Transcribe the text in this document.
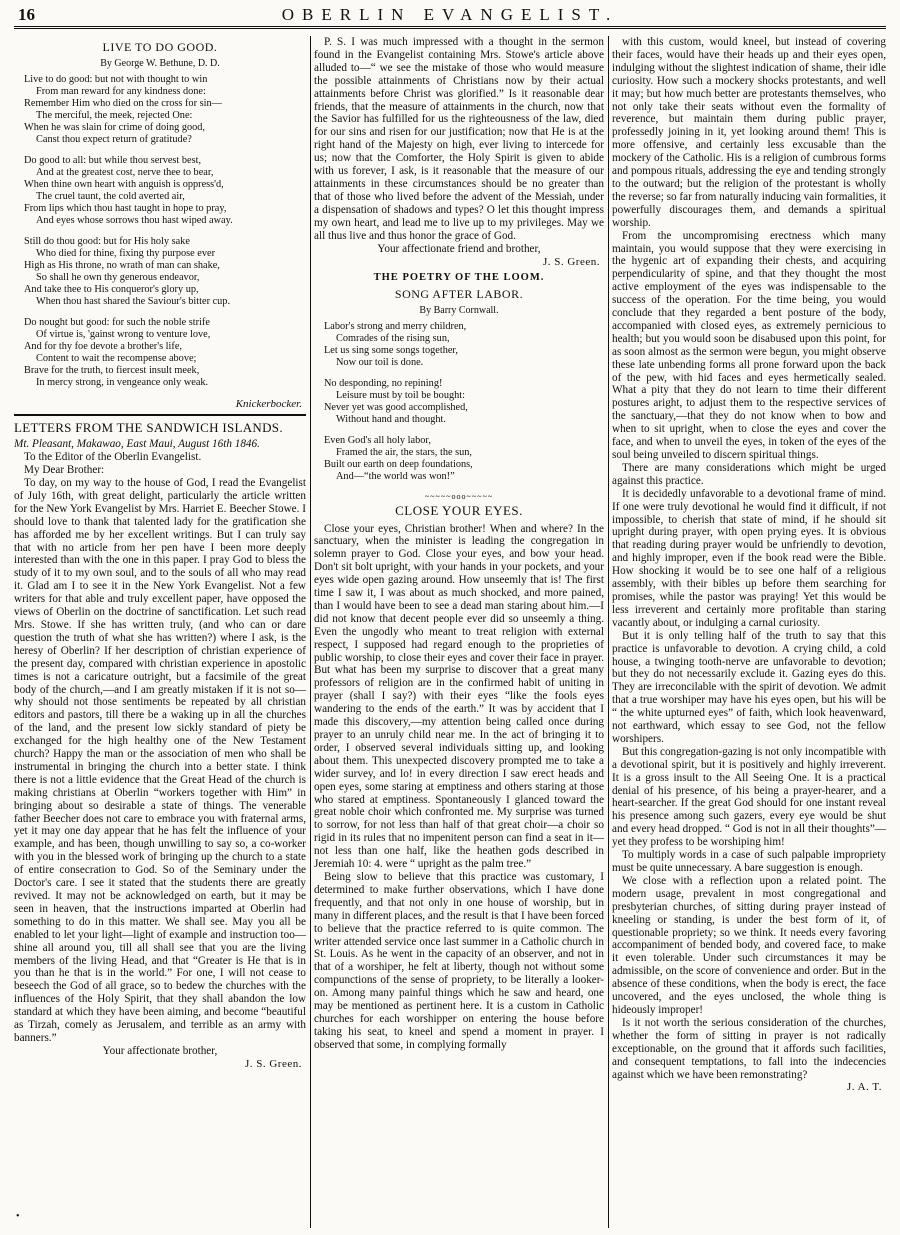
16	OBERLIN EVANGELIST.
LIVE TO DO GOOD.
By George W. Bethune, D. D.
Live to do good: but not with thought to win
From man reward for any kindness done:
Remember Him who died on the cross for sin—
The merciful, the meek, rejected One:
When he was slain for crime of doing good,
Canst thou expect return of gratitude?
Do good to all: but while thou servest best,
And at the greatest cost, nerve thee to bear,
When thine own heart with anguish is oppress'd,
The cruel taunt, the cold averted air,
From lips which thou hast taught in hope to pray,
And eyes whose sorrows thou hast wiped away.
Still do thou good: but for His holy sake
Who died for thine, fixing thy purpose ever
High as His throne, no wrath of man can shake,
So shall he own thy generous endeavor,
And take thee to His conqueror's glory up,
When thou hast shared the Saviour's bitter cup.
Do nought but good: for such the noble strife
Of virtue is, 'gainst wrong to venture love,
And for thy foe devote a brother's life,
Content to wait the recompense above;
Brave for the truth, to fiercest insult meek,
In mercy strong, in vengeance only weak.
Knickerbocker.
LETTERS FROM THE SANDWICH ISLANDS.
Mt. Pleasant, Makawao, East Maui, August 16th 1846.
To the Editor of the Oberlin Evangelist.
My Dear Brother:

To day, on my way to the house of God, I read the Evangelist of July 16th, with great delight, particularly the article written for the New York Evangelist by Mrs. Harriet E. Beecher Stowe. I should love to thank that talented lady for the gratification she has afforded me by her excellent writings. But I can truly say that with no article from her pen have I been more deeply interested than with the one in this paper. I pray God to bless the study of it to my own soul, and to the souls of all who may read it. Glad am I to see it in the New York Evangelist. Not a few writers for that able and truly excellent paper, have opposed the views of Oberlin on the doctrine of sanctification. Let such read Mrs. Stowe. If she has written truly, (and who can or dare question the truth of what she has written?) where I ask, is the heresy of Oberlin? If her description of christian experience of the present day, compared with christian experience in apostolic times is not a caricature outright, but a facsimile of the great body of the church,—and I am greatly mistaken if it is not so—why should not those sentiments be repeated by all christian editors and pastors, till there be a waking up in all the churches of the land, and the present low sickly standard of piety be exchanged for the high healthy one of the New Testament church? Happy the man or the association of men who shall be instrumental in bringing the church into a better state. I think there is not a little evidence that the Great Head of the church is making christians at Oberlin “workers together with Him” in bringing about so desirable a state of things. The venerable father Beecher does not care to embrace you with fraternal arms, yet it may one day appear that he has felt the influence of your example, and has been, though unwilling to say so, a co-worker with you in the blessed work of bringing up the church to a state of entire consecration to God. So of the Seminary under the Doctor's care. I see it stated that the students there are greatly revived. It may not be acknowledged on earth, but it may be seen in heaven, that the instructions imparted at Oberlin had something to do in this matter. We shall see. May you all be enabled to let your light—light of example and instruction too—shine all around you, till all shall see that you are the living members of the living Head, and that “Greater is He that is in you than he that is in the world.” For one, I will not cease to beseech the God of all grace, so to bedew the churches with the influences of the Holy Spirit, that they shall abandon the low standard at which they have been aiming, and become “beautiful as Tirzah, comely as Jerusalem, and terrible as an army with banners.”

Your affectionate brother,
J. S. Green.
•

P. S. I was much impressed with a thought in the sermon found in the Evangelist containing Mrs. Stowe's article above alluded to—“ we see the mistake of those who would measure the possible attainments of Christians now by their actual attainments before Christ was glorified.” Is it reasonable dear friends, that the measure of attainments in the church, now that the Savior has fulfilled for us the righteousness of the law, died for our sins and risen for our justification; now that He is at the right hand of the Majesty on high, ever living to intercede for us; now that the Comforter, the Holy Spirit is given to abide with us forever, I ask, is it reasonable that the measure of our attainments in these circumstances should be no greater than that of those who lived before the advent of the Messiah, under a dispensation of shadows and types? O let this thought impress my own heart, and lead me to live up to my privileges. May we all thus live and thus honor the grace of God.

Your affectionate friend and brother,
J. S. Green.
THE POETRY OF THE LOOM.
SONG AFTER LABOR.
By Barry Cornwall.
Labor's strong and merry children,
Comrades of the rising sun,
Let us sing some songs together,
Now our toil is done.
No desponding, no repining!
Leisure must by toil be bought:
Never yet was good accomplished,
Without hand and thought.
Even God's all holy labor,
Framed the air, the stars, the sun,
Built our earth on deep foundations,
And—“the world was won!”
~~~~~ooo~~~~~
CLOSE YOUR EYES.

Close your eyes, Christian brother! When and where? In the sanctuary, when the minister is leading the congregation in solemn prayer to God. Close your eyes, and bow your head. Don't sit bolt upright, with your hands in your pockets, and your eyes wide open gazing around. How unseemly that is! The first time I saw it, I was about as much shocked, and more pained, than I would have been to see a dead man staring about him.—I did not know that decent people ever did so unseemly a thing. Even the ungodly who meant to treat religion with external respect, I supposed had regard enough to the proprieties of public worship, to close their eyes and cover their face in prayer. But what has been my surprise to discover that a great many professors of religion are in the confirmed habit of uniting in prayer (shall I say?) with their eyes “like the fools eyes wandering to the ends of the earth.” It was by accident that I made this discovery,—my attention being called once during prayer to an unruly child near me. In the act of bringing it to order, I observed several individuals sitting up, and looking about them. This unexpected discovery prompted me to take a wider survey, and lo! in every direction I saw erect heads and open eyes, some staring at emptiness and others staring at those who stared at emptiness. Spontaneously I glanced toward the great noble choir which confronted me. My surprise was turned to sorrow, for not less than half of that great choir—a choir so rigid in its rules that no impenitent person can find a seat in it—not less than one half, like the heathen gods described in Jeremiah 10: 4. were “ upright as the palm tree.”

Being slow to believe that this practice was customary, I determined to make further observations, which I have done frequently, and that not only in one house of worship, but in many in different places, and the result is that I have been forced to believe that the practice referred to is quite common. The writer attended service once last summer in a Catholic church in St. Louis. As he went in the capacity of an observer, and not in that of a worshiper, he felt at liberty, though not without some compunctions of the sense of propriety, to be literally a looker-on. Among many painful things which he saw and heard, one may be mentioned as pertinent here. It is a custom in Catholic churches for each worshipper on entering the house before taking his seat, to kneel and spend a moment in prayer. I observed that some, in complying formally

with this custom, would kneel, but instead of covering their faces, would have their heads up and their eyes open, indulging without the slightest indication of shame, their idle curiosity. How such a mockery shocks protestants, and well it may; but how much better are protestants themselves, who not only take their seats without even the formality of reverence, but maintain them during public prayer, professedly joining in it, yet looking around them! This is more offensive, and certainly less excusable than the mockery of the Catholic. His is a religion of cumbrous forms and pompous rituals, addressing the eye and tending strongly to the outward; but the religion of the protestant is wholly the reverse; so far from naturally inducing vain formalities, it powerfully discourages them, and demands a spiritual worship.

From the uncompromising erectness which many maintain, you would suppose that they were exercising in the hygenic art of expanding their chests, and acquiring perpendicularity of spine, and that they thought the most active employment of the eyes was indispensable to the success of the operation. For the time being, you would conclude that they regarded a bent posture of the body, accompanied with closed eyes, as extremely pernicious to health; but you would soon be disabused upon this point, for as soon almost as the sermon were begun, you might observe these late unbending forms all prone forward upon the back of the pew, with hid faces and eyes hermetically sealed. What a pity that they do not learn to time their different postures aright, to adjust them to the respective services of the sanctuary,—that they do not know when to bow and when to sit upright, when to close the eyes and cover the face, and when to unveil the eyes, in token of the eyes of the soul being unveiled to discern spiritual things.

There are many considerations which might be urged against this practice.

It is decidedly unfavorable to a devotional frame of mind. If one were truly devotional he would find it difficult, if not impossible, to cherish that state of mind, if he should sit upright during prayer, with open prying eyes. It is obvious that reading during prayer would be unfriendly to devotion, and highly improper, even if the book read were the Bible. How shocking it would be to see one half of a religious assembly, with their bibles up before them searching for promises, while the pastor was praying! Yet this would be less irreverent and certainly more profitable than staring vacantly about, or indulging a carnal curiosity.

But it is only telling half of the truth to say that this practice is unfavorable to devotion. A crying child, a cold house, a twinging tooth-nerve are unfavorable to devotion; but they do not necessarily exclude it. Gazing eyes do this. They are irreconcilable with the spirit of devotion. We admit that a true worshiper may have his eyes open, but his will be “ the white upturned eyes” of faith, which look heavenward, not earthward, which essay to see God, not the fellow worshipers.

But this congregation-gazing is not only incompatible with a devotional spirit, but it is positively and highly irreverent. It is a gross insult to the All Seeing One. It is a practical denial of his presence, of his being a prayer-hearer, and a heart-searcher. If the great God should for one instant reveal his presence among such gazers, every eye would be shut and every head dropped. “ God is not in all their thoughts”—yet they profess to be worshiping him!

To multiply words in a case of such palpable impropriety must be quite unnecessary. A bare suggestion is enough.

We close with a reflection upon a related point. The modern usage, prevalent in most congregational and presbyterian churches, of sitting during prayer instead of kneeling or standing, is under the best form of it, of questionable propriety; so we think. It needs every favoring accompaniment of bended body, and covered face, to make it even tolerable. Under such circumstances it may be admissible, on the score of convenience and order. But in the absence of these conditions, when the body is erect, the face uncovered, and the eyes unclosed, the whole thing is hideously improper!

Is it not worth the serious consideration of the churches, whether the form of sitting in prayer is not radically exceptionable, on the ground that it affords such facilities, and consequent temptations, to fall into the indecencies against which we have been remonstrating?

J. A. T.
